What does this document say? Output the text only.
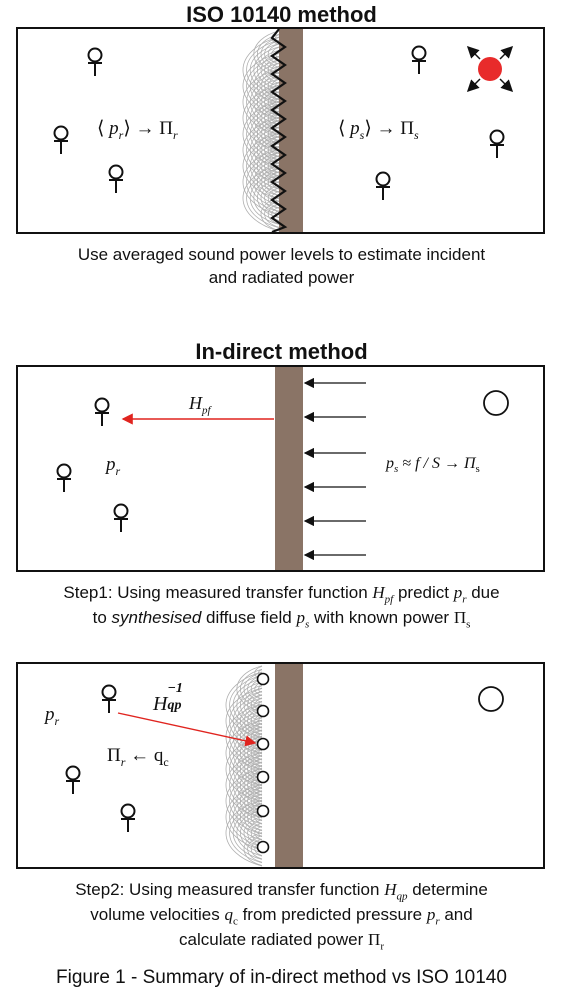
ISO 10140 method
⟨ $p_r⟩ \to \Pi_r$	⟨ $p_s⟩ \to \Pi_s$
Use averaged sound power levels to estimate incident
and radiated power
In-direct method
$H_{pf}$
$p_r$	$p_s \approx f / S \to \Pi_s$
Step1: Using measured transfer function $H_{pf}$ predict $p_r$ due
to synthesised diffuse field $p_s$ with known power $\Pi_s$
$p_r$
H
−1
qp
$\Pi_r$ ← $q_c$
Step2: Using measured transfer function $H_{qp}$ determine
volume velocities $q_c$ from predicted pressure $p_r$ and
calculate radiated power $\Pi_r$
Figure 1 - Summary of in-direct method vs ISO 10140
